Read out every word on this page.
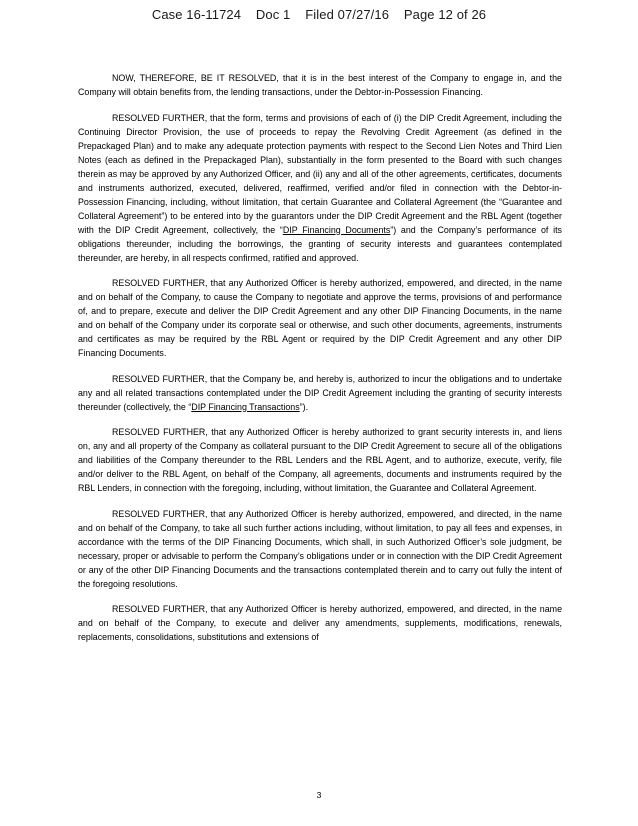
Case 16-11724    Doc 1    Filed 07/27/16    Page 12 of 26

NOW, THEREFORE, BE IT RESOLVED, that it is in the best interest of the Company to engage in, and the Company will obtain benefits from, the lending transactions, under the Debtor-in-Possession Financing.

RESOLVED FURTHER, that the form, terms and provisions of each of (i) the DIP Credit Agreement, including the Continuing Director Provision, the use of proceeds to repay the Revolving Credit Agreement (as defined in the Prepackaged Plan) and to make any adequate protection payments with respect to the Second Lien Notes and Third Lien Notes (each as defined in the Prepackaged Plan), substantially in the form presented to the Board with such changes therein as may be approved by any Authorized Officer, and (ii) any and all of the other agreements, certificates, documents and instruments authorized, executed, delivered, reaffirmed, verified and/or filed in connection with the Debtor-in-Possession Financing, including, without limitation, that certain Guarantee and Collateral Agreement (the “Guarantee and Collateral Agreement”) to be entered into by the guarantors under the DIP Credit Agreement and the RBL Agent (together with the DIP Credit Agreement, collectively, the “DIP Financing Documents”) and the Company’s performance of its obligations thereunder, including the borrowings, the granting of security interests and guarantees contemplated thereunder, are hereby, in all respects confirmed, ratified and approved.

RESOLVED FURTHER, that any Authorized Officer is hereby authorized, empowered, and directed, in the name and on behalf of the Company, to cause the Company to negotiate and approve the terms, provisions of and performance of, and to prepare, execute and deliver the DIP Credit Agreement and any other DIP Financing Documents, in the name and on behalf of the Company under its corporate seal or otherwise, and such other documents, agreements, instruments and certificates as may be required by the RBL Agent or required by the DIP Credit Agreement and any other DIP Financing Documents.

RESOLVED FURTHER, that the Company be, and hereby is, authorized to incur the obligations and to undertake any and all related transactions contemplated under the DIP Credit Agreement including the granting of security interests thereunder (collectively, the “DIP Financing Transactions”).

RESOLVED FURTHER, that any Authorized Officer is hereby authorized to grant security interests in, and liens on, any and all property of the Company as collateral pursuant to the DIP Credit Agreement to secure all of the obligations and liabilities of the Company thereunder to the RBL Lenders and the RBL Agent, and to authorize, execute, verify, file and/or deliver to the RBL Agent, on behalf of the Company, all agreements, documents and instruments required by the RBL Lenders, in connection with the foregoing, including, without limitation, the Guarantee and Collateral Agreement.

RESOLVED FURTHER, that any Authorized Officer is hereby authorized, empowered, and directed, in the name and on behalf of the Company, to take all such further actions including, without limitation, to pay all fees and expenses, in accordance with the terms of the DIP Financing Documents, which shall, in such Authorized Officer’s sole judgment, be necessary, proper or advisable to perform the Company’s obligations under or in connection with the DIP Credit Agreement or any of the other DIP Financing Documents and the transactions contemplated therein and to carry out fully the intent of the foregoing resolutions.

RESOLVED FURTHER, that any Authorized Officer is hereby authorized, empowered, and directed, in the name and on behalf of the Company, to execute and deliver any amendments, supplements, modifications, renewals, replacements, consolidations, substitutions and extensions of

3
